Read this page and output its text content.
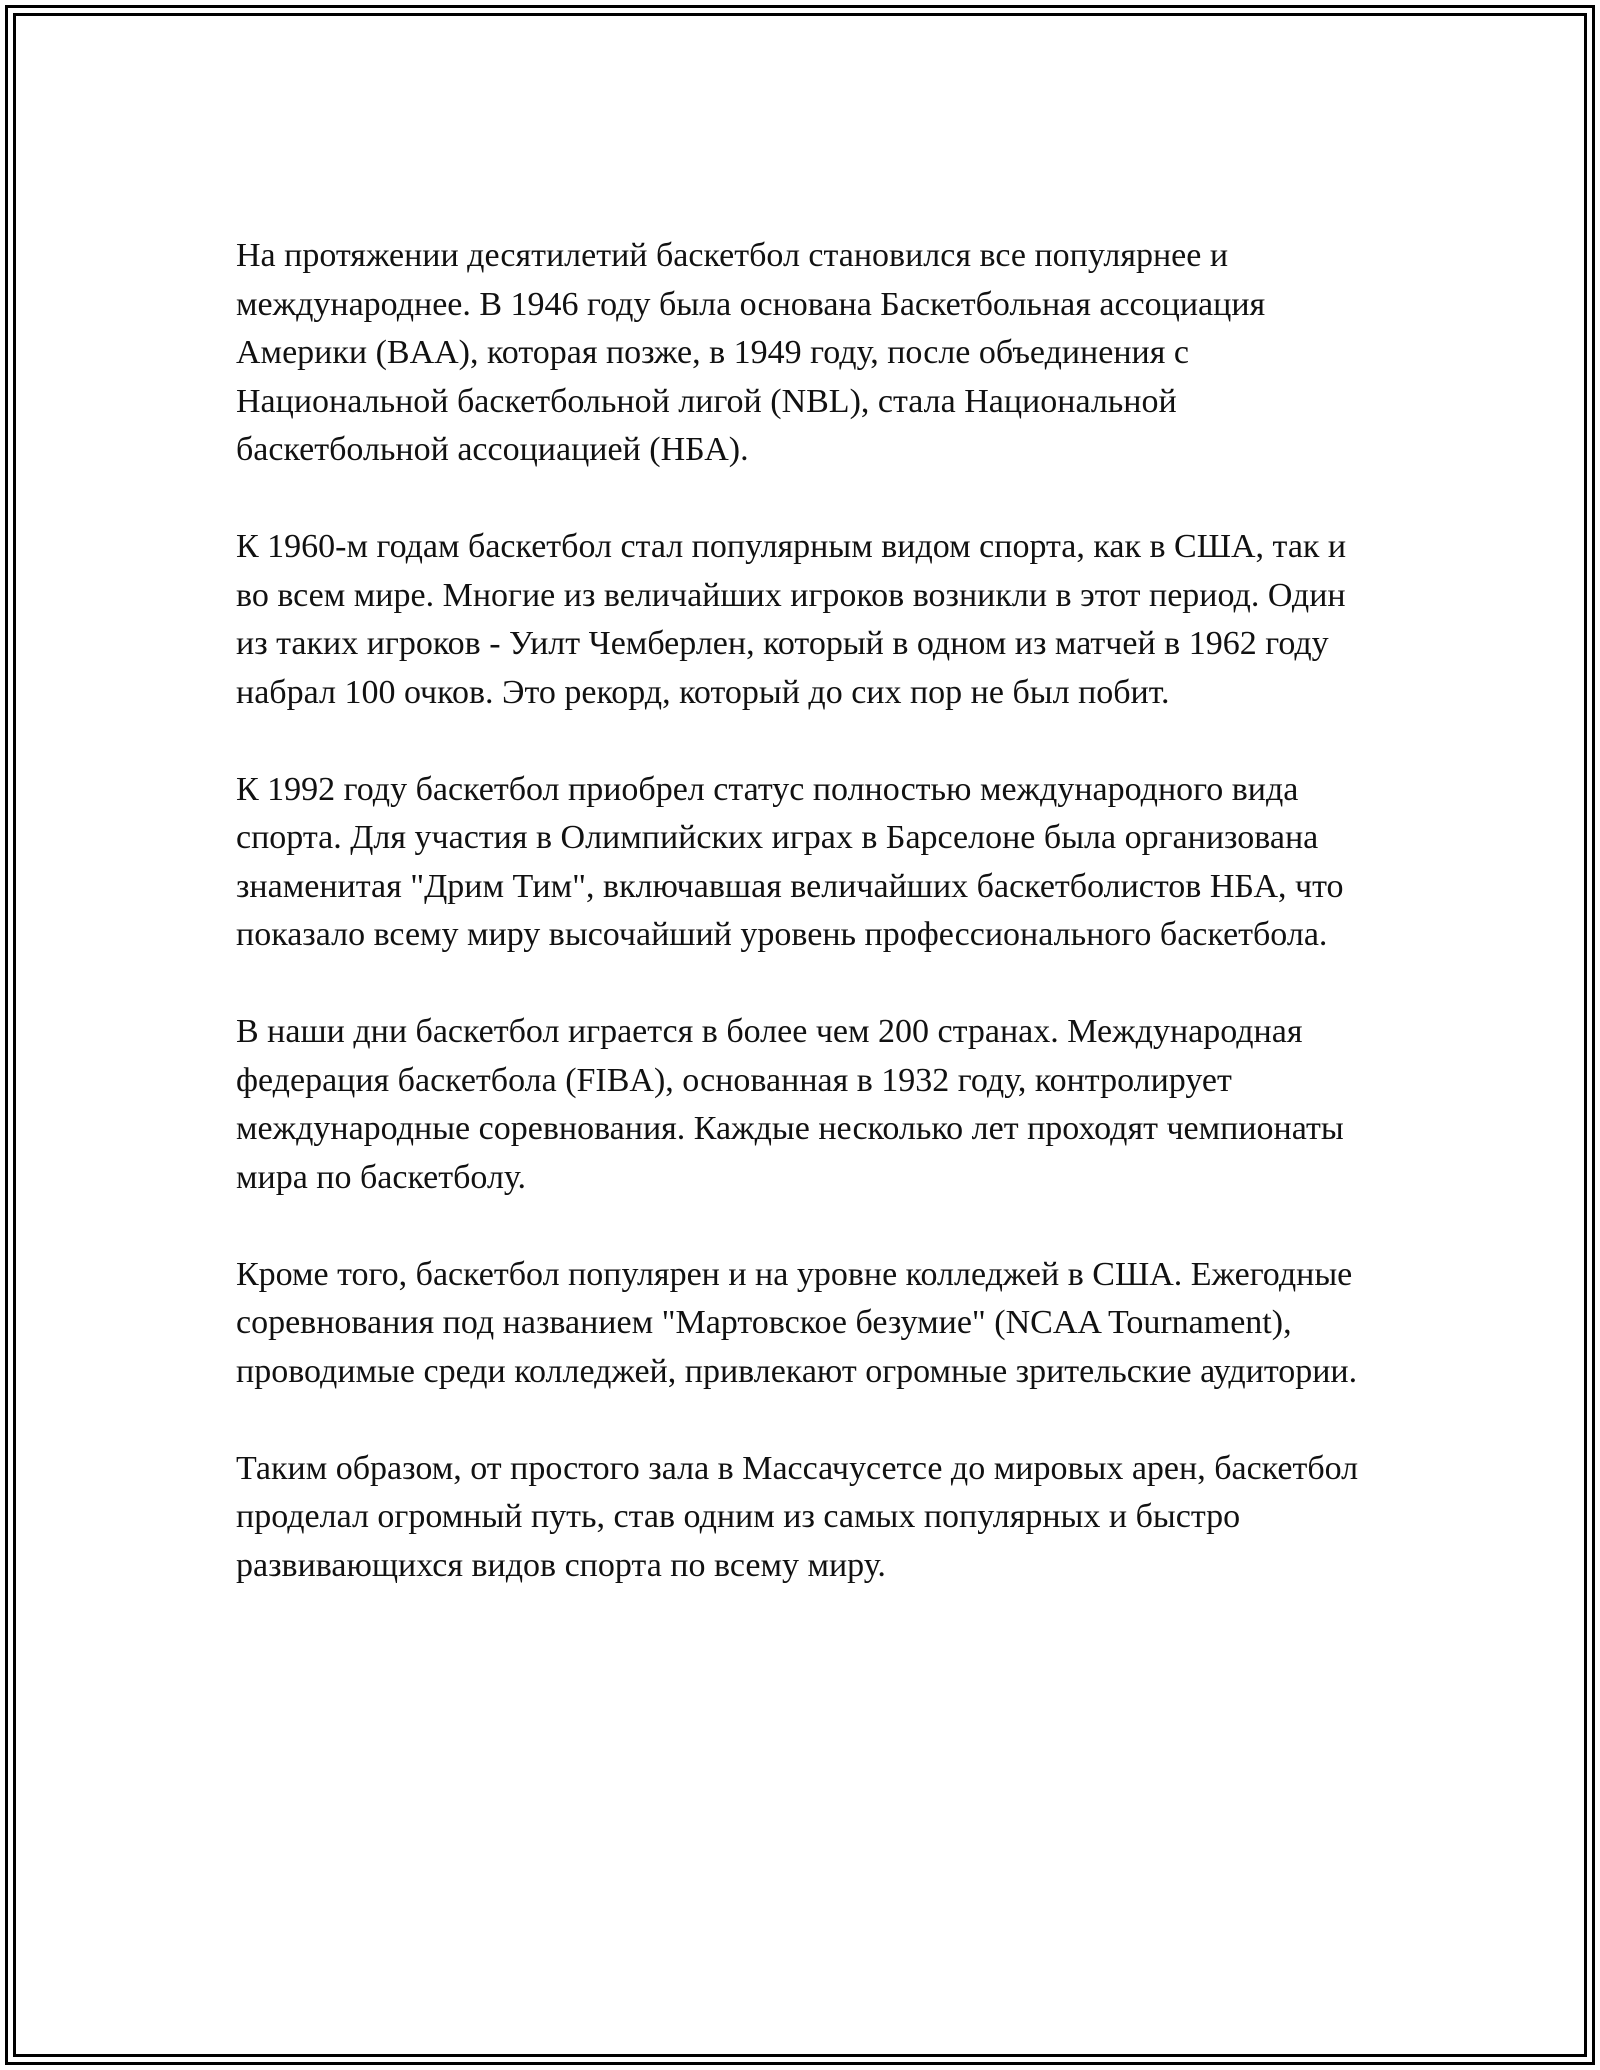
На протяжении десятилетий баскетбол становился все популярнее и международнее. В 1946 году была основана Баскетбольная ассоциация Америки (BAA), которая позже, в 1949 году, после объединения с Национальной баскетбольной лигой (NBL), стала Национальной баскетбольной ассоциацией (НБА).

К 1960-м годам баскетбол стал популярным видом спорта, как в США, так и во всем мире. Многие из величайших игроков возникли в этот период. Один из таких игроков - Уилт Чемберлен, который в одном из матчей в 1962 году набрал 100 очков. Это рекорд, который до сих пор не был побит.

К 1992 году баскетбол приобрел статус полностью международного вида спорта. Для участия в Олимпийских играх в Барселоне была организована знаменитая "Дрим Тим", включавшая величайших баскетболистов НБА, что показало всему миру высочайший уровень профессионального баскетбола.

В наши дни баскетбол играется в более чем 200 странах. Международная федерация баскетбола (FIBA), основанная в 1932 году, контролирует международные соревнования. Каждые несколько лет проходят чемпионаты мира по баскетболу.

Кроме того, баскетбол популярен и на уровне колледжей в США. Ежегодные соревнования под названием "Мартовское безумие" (NCAA Tournament), проводимые среди колледжей, привлекают огромные зрительские аудитории.

Таким образом, от простого зала в Массачусетсе до мировых арен, баскетбол проделал огромный путь, став одним из самых популярных и быстро развивающихся видов спорта по всему миру.
